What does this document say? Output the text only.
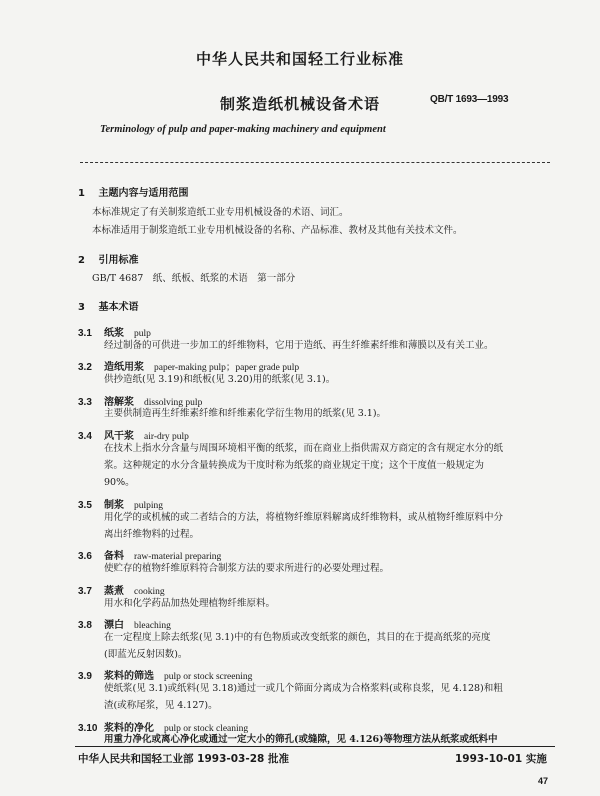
中华人民共和国轻工行业标准
制浆造纸机械设备术语	QB/T 1693—1993
Terminology of pulp and paper-making machinery and equipment
1 主题内容与适用范围
本标准规定了有关制浆造纸工业专用机械设备的术语、词汇。
本标准适用于制浆造纸工业专用机械设备的名称、产品标准、教材及其他有关技术文件。
2 引用标准
GB/T 4687　纸、纸板、纸浆的术语　第一部分
3 基本术语
3.1 纸浆 pulp
经过制备的可供进一步加工的纤维物料，它用于造纸、再生纤维素纤维和薄膜以及有关工业。
3.2 造纸用浆 paper-making pulp；paper grade pulp
供抄造纸(见 3.19)和纸板(见 3.20)用的纸浆(见 3.1)。
3.3 溶解浆 dissolving pulp
主要供制造再生纤维素纤维和纤维素化学衍生物用的纸浆(见 3.1)。
3.4 风干浆 air-dry pulp
在技术上指水分含量与周围环境相平衡的纸浆，而在商业上指供需双方商定的含有规定水分的纸
浆。这种规定的水分含量转换成为干度时称为纸浆的商业规定干度；这个干度值一般规定为
90%。
3.5 制浆 pulping
用化学的或机械的或二者结合的方法，将植物纤维原料解离成纤维物料，或从植物纤维原料中分
离出纤维物料的过程。
3.6 备料 raw-material preparing
使贮存的植物纤维原料符合制浆方法的要求所进行的必要处理过程。
3.7 蒸煮 cooking
用水和化学药品加热处理植物纤维原料。
3.8 漂白 bleaching
在一定程度上除去纸浆(见 3.1)中的有色物质或改变纸浆的颜色，其目的在于提高纸浆的亮度
(即蓝光反射因数)。
3.9 浆料的筛选 pulp or stock screening
使纸浆(见 3.1)或纸料(见 3.18)通过一或几个筛面分离成为合格浆料(或称良浆，见 4.128)和粗
渣(或称尾浆，见 4.127)。
3.10 浆料的净化 pulp or stock cleaning
用重力净化或离心净化或通过一定大小的筛孔(或缝隙，见 4.126)等物理方法从纸浆或纸料中
中华人民共和国轻工业部 1993-03-28 批准	1993-10-01 实施
47
